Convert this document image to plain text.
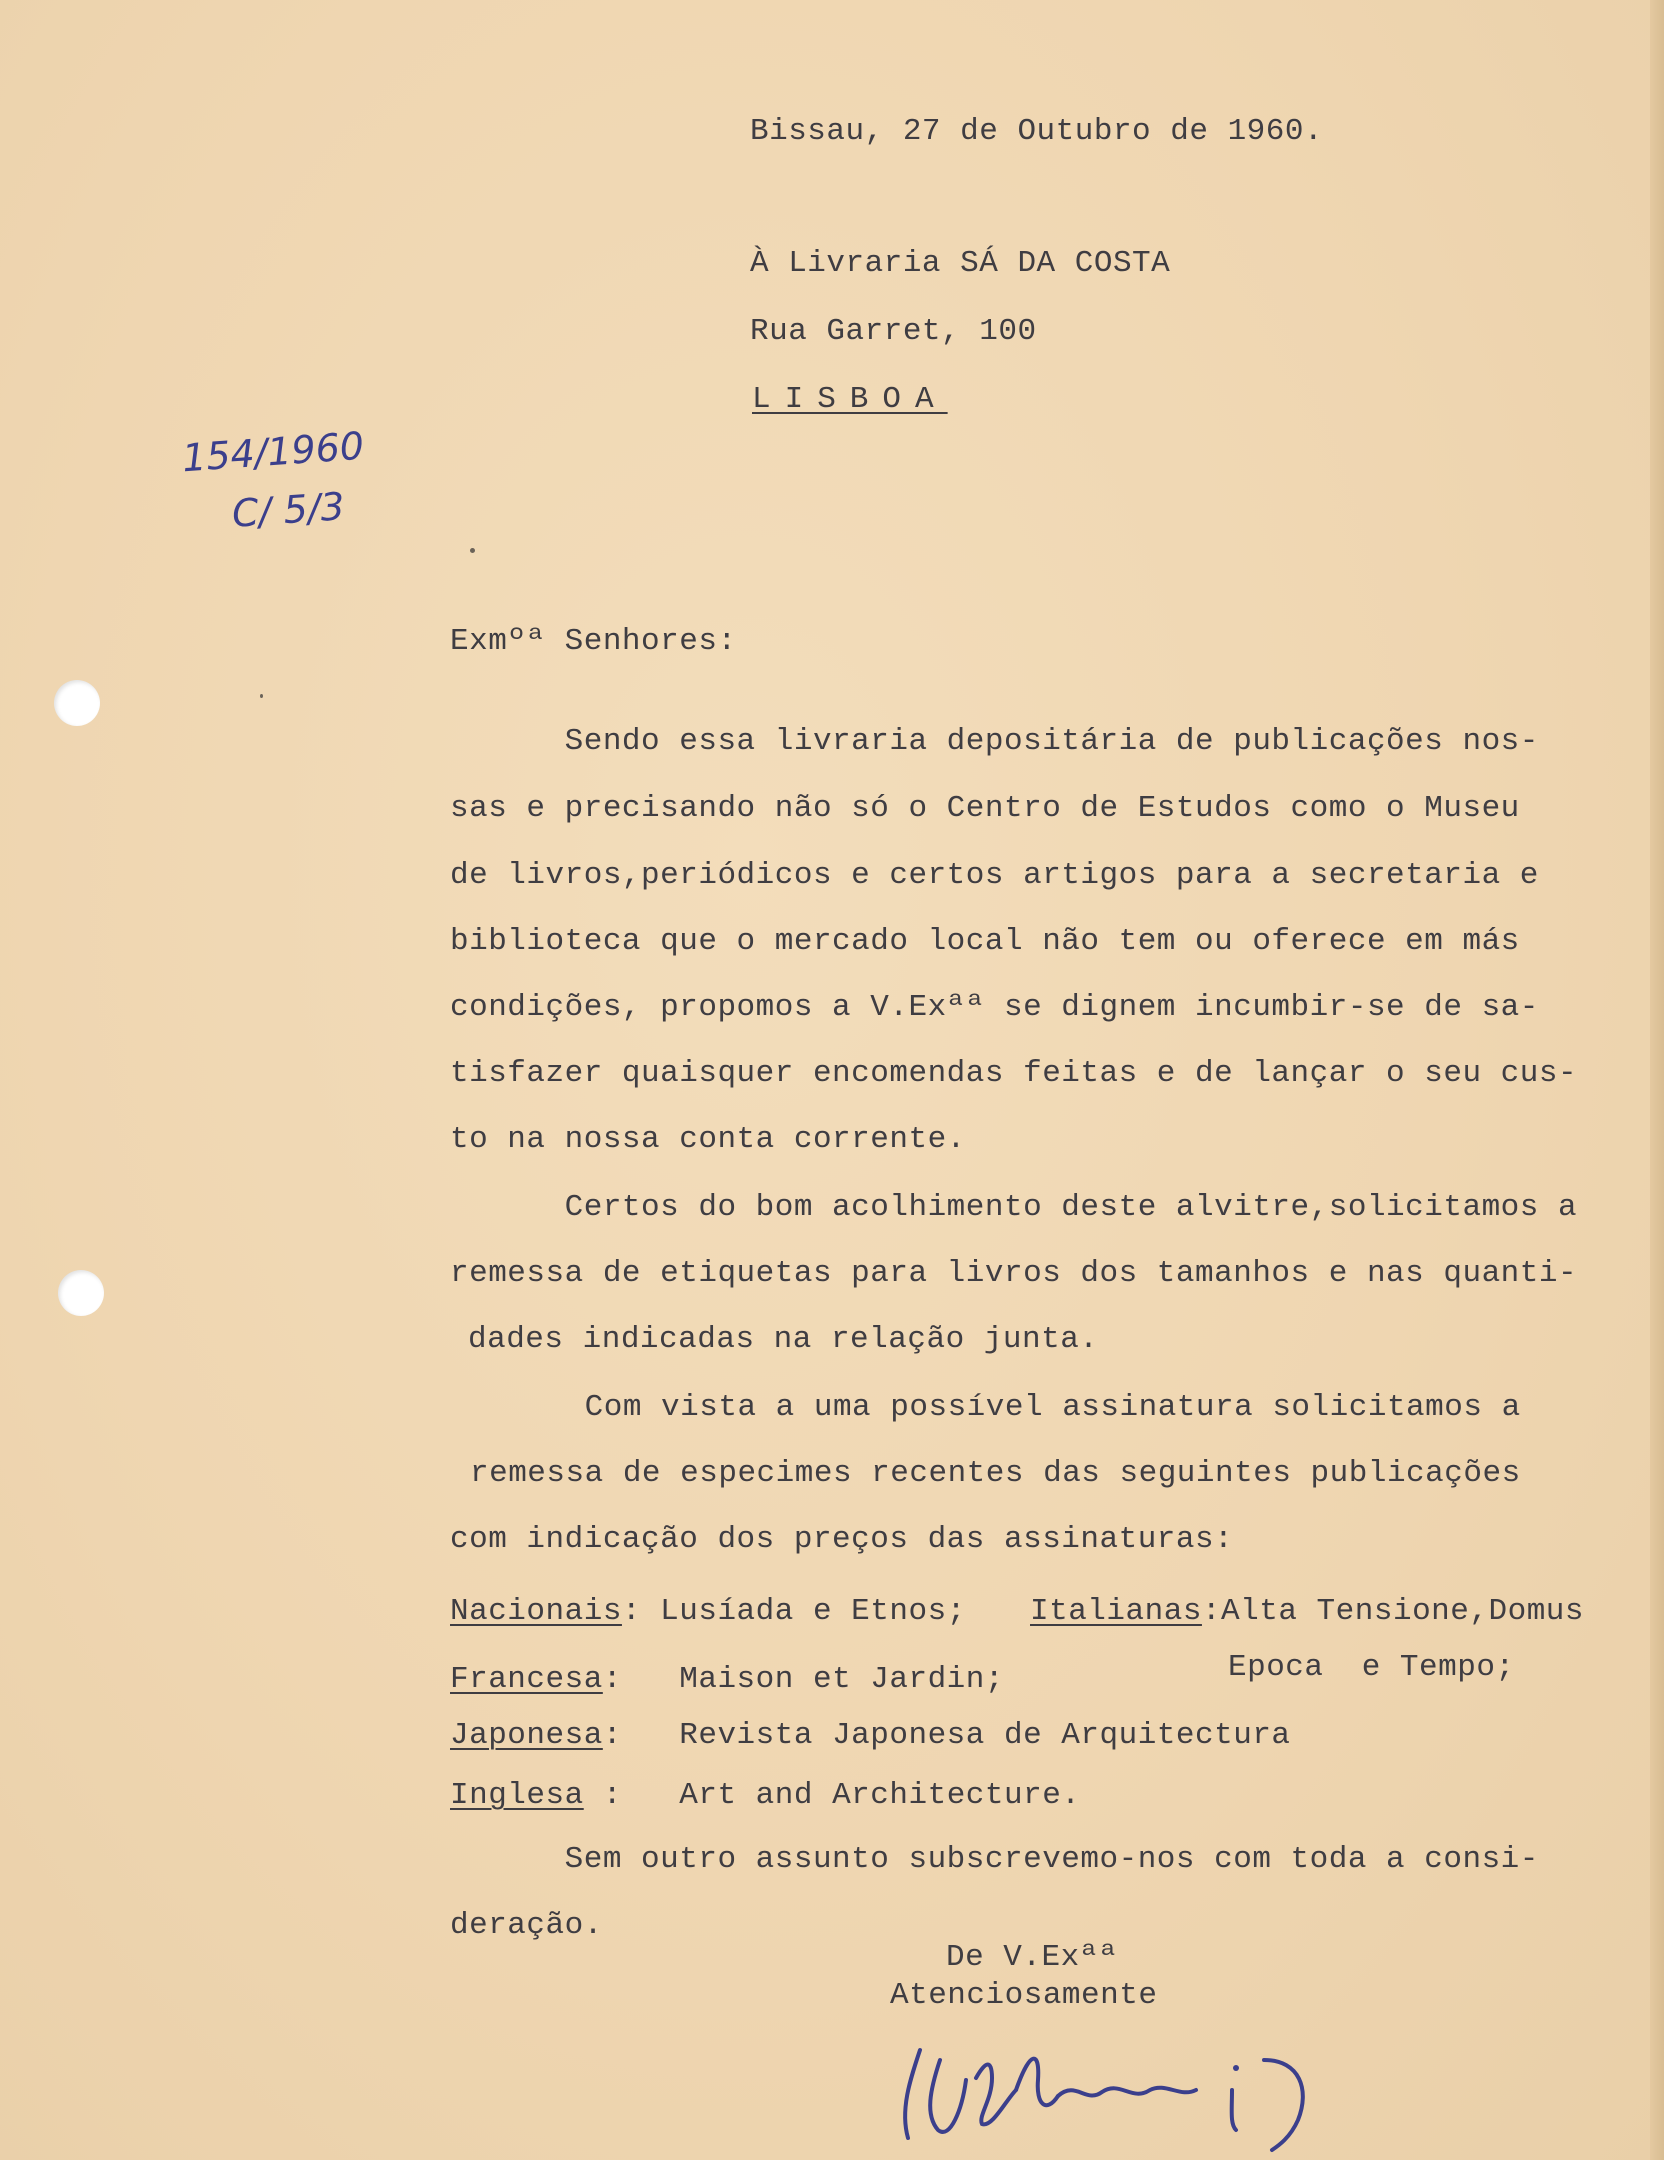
Bissau, 27 de Outubro de 1960.
À Livraria SÁ DA COSTA
Rua Garret, 100
LISBOA
154/1960
C/ 5/3
Exmºª Senhores:
Sendo essa livraria depositária de publicações nos-
sas e precisando não só o Centro de Estudos como o Museu
de livros,periódicos e certos artigos para a secretaria e
biblioteca que o mercado local não tem ou oferece em más
condições, propomos a V.Exªª se dignem incumbir-se de sa-
tisfazer quaisquer encomendas feitas e de lançar o seu cus-
to na nossa conta corrente.
Certos do bom acolhimento deste alvitre,solicitamos a
remessa de etiquetas para livros dos tamanhos e nas quanti-
dades indicadas na relação junta.
Com vista a uma possível assinatura solicitamos a
remessa de especimes recentes das seguintes publicações
com indicação dos preços das assinaturas:
Nacionais: Lusíada e Etnos; Italianas:Alta Tensione,Domus
Epoca  e Tempo;
Francesa:   Maison et Jardin;
Japonesa:   Revista Japonesa de Arquitectura
Inglesa :   Art and Architecture.
Sem outro assunto subscrevemo-nos com toda a consi-
deração.
De V.Exªª
Atenciosamente
